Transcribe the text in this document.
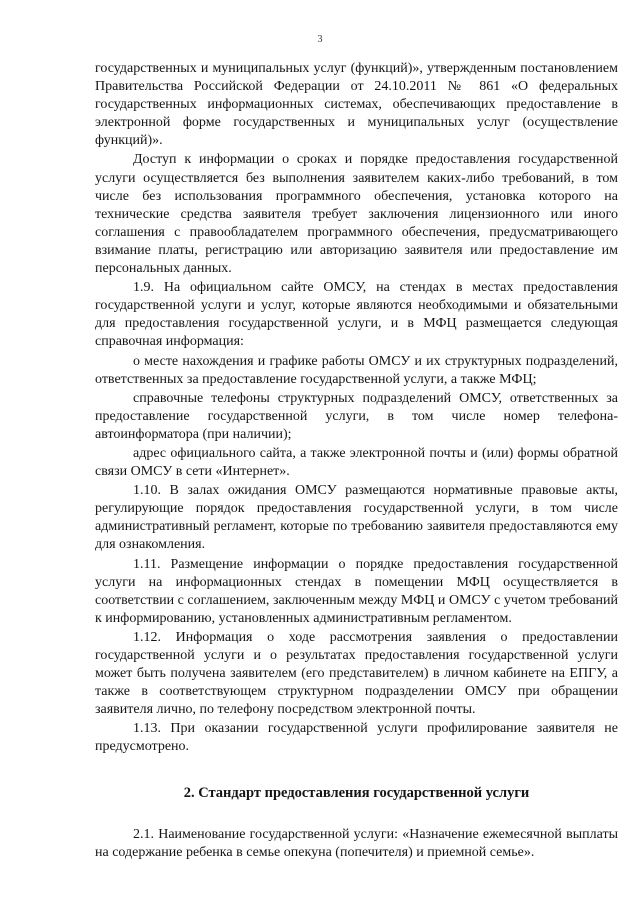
3

государственных и муниципальных услуг (функций)», утвержденным постановлением Правительства Российской Федерации от 24.10.2011 № 861 «О федеральных государственных информационных системах, обеспечивающих предоставление в электронной форме государственных и муниципальных услуг (осуществление функций)».

Доступ к информации о сроках и порядке предоставления государственной услуги осуществляется без выполнения заявителем каких-либо требований, в том числе без использования программного обеспечения, установка которого на технические средства заявителя требует заключения лицензионного или иного соглашения с правообладателем программного обеспечения, предусматривающего взимание платы, регистрацию или авторизацию заявителя или предоставление им персональных данных.

1.9. На официальном сайте ОМСУ, на стендах в местах предоставления государственной услуги и услуг, которые являются необходимыми и обязательными для предоставления государственной услуги, и в МФЦ размещается следующая справочная информация:

о месте нахождения и графике работы ОМСУ и их структурных подразделений, ответственных за предоставление государственной услуги, а также МФЦ;

справочные телефоны структурных подразделений ОМСУ, ответственных за предоставление государственной услуги, в том числе номер телефона-автоинформатора (при наличии);

адрес официального сайта, а также электронной почты и (или) формы обратной связи ОМСУ в сети «Интернет».

1.10. В залах ожидания ОМСУ размещаются нормативные правовые акты, регулирующие порядок предоставления государственной услуги, в том числе административный регламент, которые по требованию заявителя предоставляются ему для ознакомления.

1.11. Размещение информации о порядке предоставления государственной услуги на информационных стендах в помещении МФЦ осуществляется в соответствии с соглашением, заключенным между МФЦ и ОМСУ с учетом требований к информированию, установленных административным регламентом.

1.12. Информация о ходе рассмотрения заявления о предоставлении государственной услуги и о результатах предоставления государственной услуги может быть получена заявителем (его представителем) в личном кабинете на ЕПГУ, а также в соответствующем структурном подразделении ОМСУ при обращении заявителя лично, по телефону посредством электронной почты.

1.13. При оказании государственной услуги профилирование заявителя не предусмотрено.

2. Стандарт предоставления государственной услуги

2.1. Наименование государственной услуги: «Назначение ежемесячной выплаты на содержание ребенка в семье опекуна (попечителя) и приемной семье».
